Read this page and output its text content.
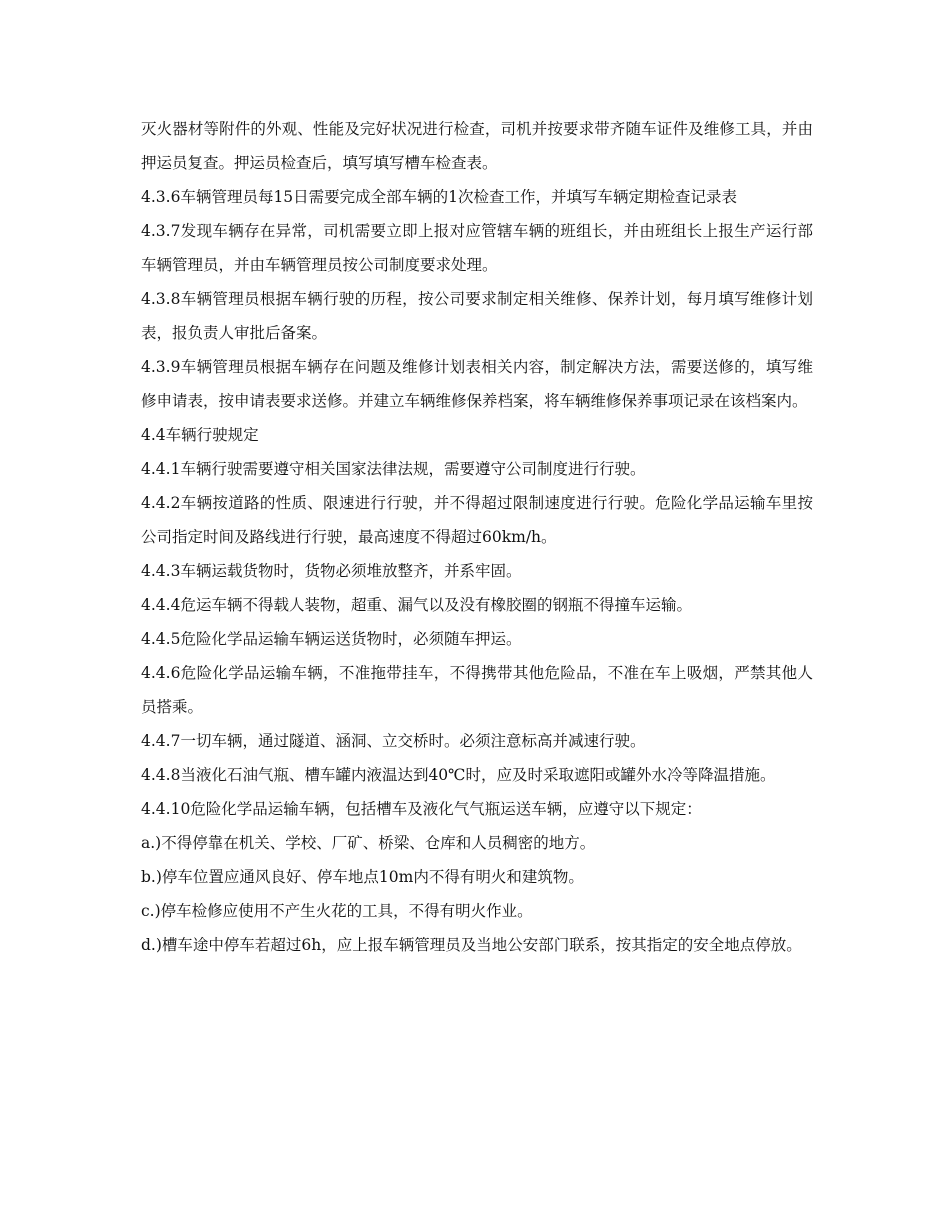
灭火器材等附件的外观、性能及完好状况进行检查，司机并按要求带齐随车证件及维修工具，并由押运员复查。押运员检查后，填写填写槽车检查表。

4.3.6车辆管理员每15日需要完成全部车辆的1次检查工作，并填写车辆定期检查记录表

4.3.7发现车辆存在异常，司机需要立即上报对应管辖车辆的班组长，并由班组长上报生产运行部车辆管理员，并由车辆管理员按公司制度要求处理。

4.3.8车辆管理员根据车辆行驶的历程，按公司要求制定相关维修、保养计划，每月填写维修计划表，报负责人审批后备案。

4.3.9车辆管理员根据车辆存在问题及维修计划表相关内容，制定解决方法，需要送修的，填写维修申请表，按申请表要求送修。并建立车辆维修保养档案，将车辆维修保养事项记录在该档案内。

4.4车辆行驶规定

4.4.1车辆行驶需要遵守相关国家法律法规，需要遵守公司制度进行行驶。

4.4.2车辆按道路的性质、限速进行行驶，并不得超过限制速度进行行驶。危险化学品运输车里按公司指定时间及路线进行行驶，最高速度不得超过60km/h。

4.4.3车辆运载货物时，货物必须堆放整齐，并系牢固。

4.4.4危运车辆不得载人装物，超重、漏气以及没有橡胶圈的钢瓶不得撞车运输。

4.4.5危险化学品运输车辆运送货物时，必须随车押运。

4.4.6危险化学品运输车辆，不准拖带挂车，不得携带其他危险品，不准在车上吸烟，严禁其他人员搭乘。

4.4.7一切车辆，通过隧道、涵洞、立交桥时。必须注意标高并减速行驶。

4.4.8当液化石油气瓶、槽车罐内液温达到40℃时，应及时采取遮阳或罐外水冷等降温措施。

4.4.10危险化学品运输车辆，包括槽车及液化气气瓶运送车辆，应遵守以下规定：

a.)不得停靠在机关、学校、厂矿、桥梁、仓库和人员稠密的地方。

b.)停车位置应通风良好、停车地点10m内不得有明火和建筑物。

c.)停车检修应使用不产生火花的工具，不得有明火作业。

d.)槽车途中停车若超过6h，应上报车辆管理员及当地公安部门联系，按其指定的安全地点停放。
